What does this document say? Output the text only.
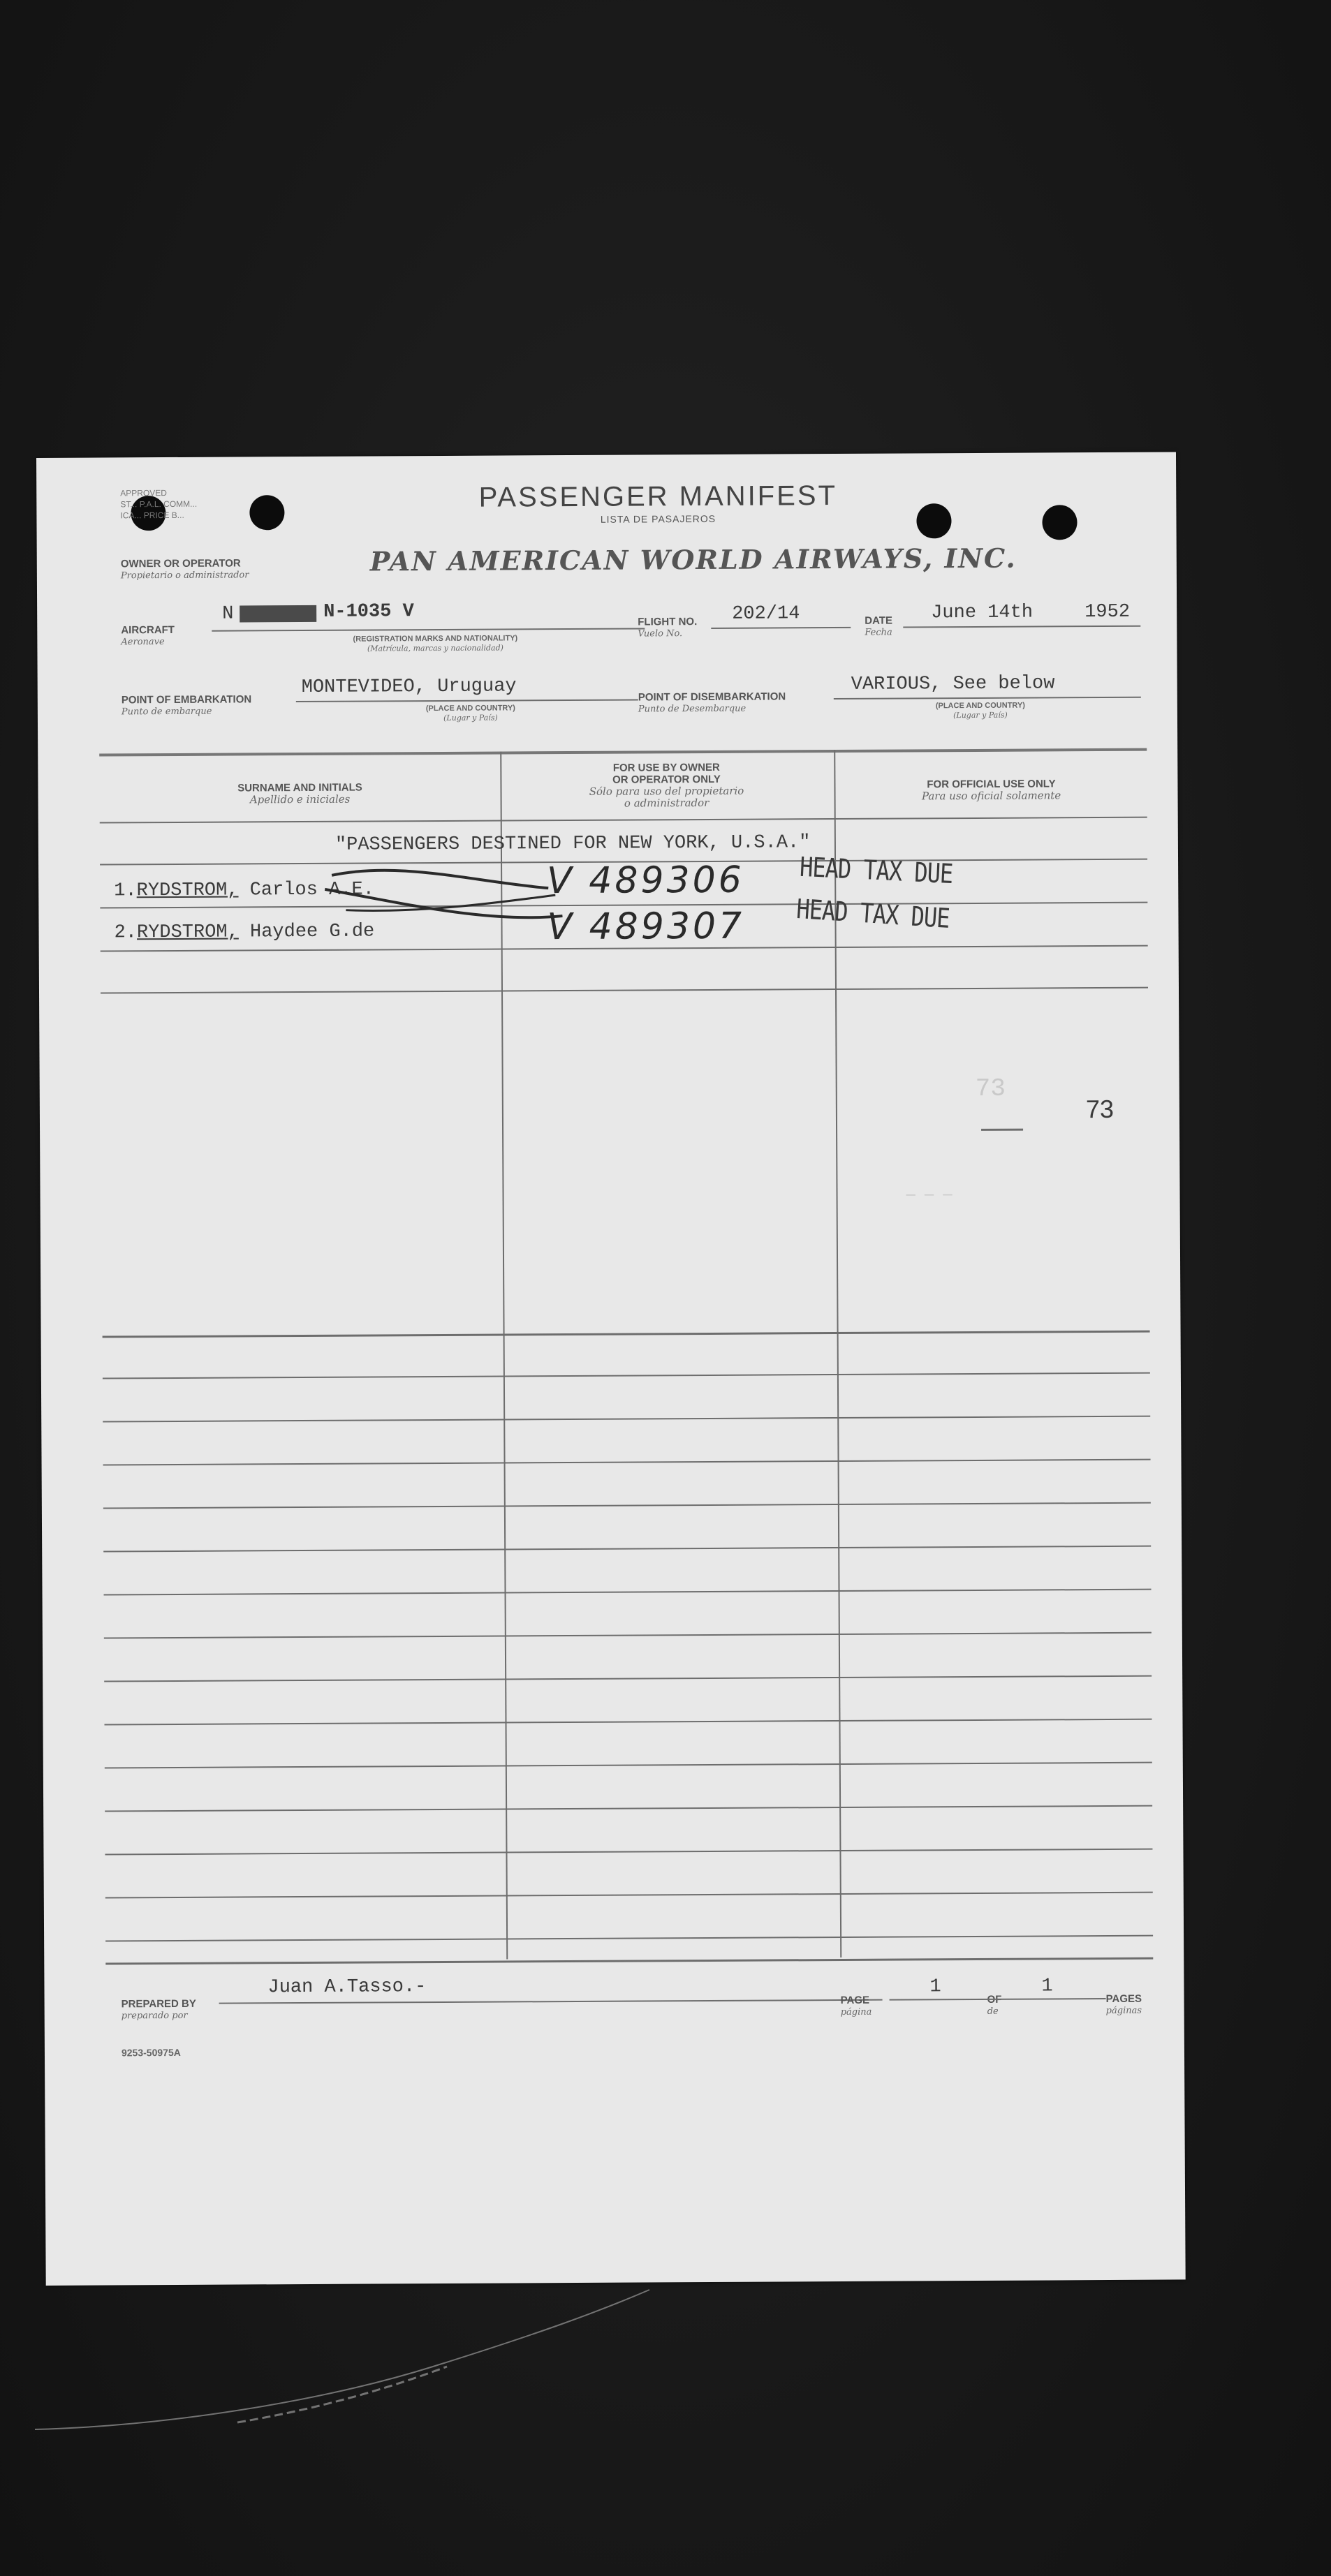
APPROVED
ST... P.A.L. COMM...
ICA... PRICE B...
PASSENGER MANIFEST
LISTA DE PASAJEROS
OWNER OR OPERATOR
Propietario o administrador	PAN AMERICAN WORLD AIRWAYS, INC.
AIRCRAFT
Aeronave
N	N-1035 V
(REGISTRATION MARKS AND NATIONALITY)
(Matrícula, marcas y nacionalidad)
FLIGHT NO.
Vuelo No.
202/14	DATE
Fecha
June 14th	1952
POINT OF EMBARKATION
Punto de embarque
MONTEVIDEO, Uruguay
(PLACE AND COUNTRY)
(Lugar y País)
POINT OF DISEMBARKATION
Punto de Desembarque
VARIOUS, See below
(PLACE AND COUNTRY)
(Lugar y País)
SURNAME AND INITIALS
Apellido e iniciales
FOR USE BY OWNER
OR OPERATOR ONLY
Sólo para uso del propietario
o administrador
FOR OFFICIAL USE ONLY
Para uso oficial solamente
"PASSENGERS DESTINED FOR NEW YORK, U.S.A."
1.RYDSTROM, Carlos A.E.	V 489306 HEAD TAX DUE
2.RYDSTROM, Haydee G.de	V 489307 HEAD TAX DUE
73
73
— — —
PREPARED BY
preparado por
Juan A.Tasso.-
PAGE
página
1
de
1
PAGES
páginas
9253-50975A
